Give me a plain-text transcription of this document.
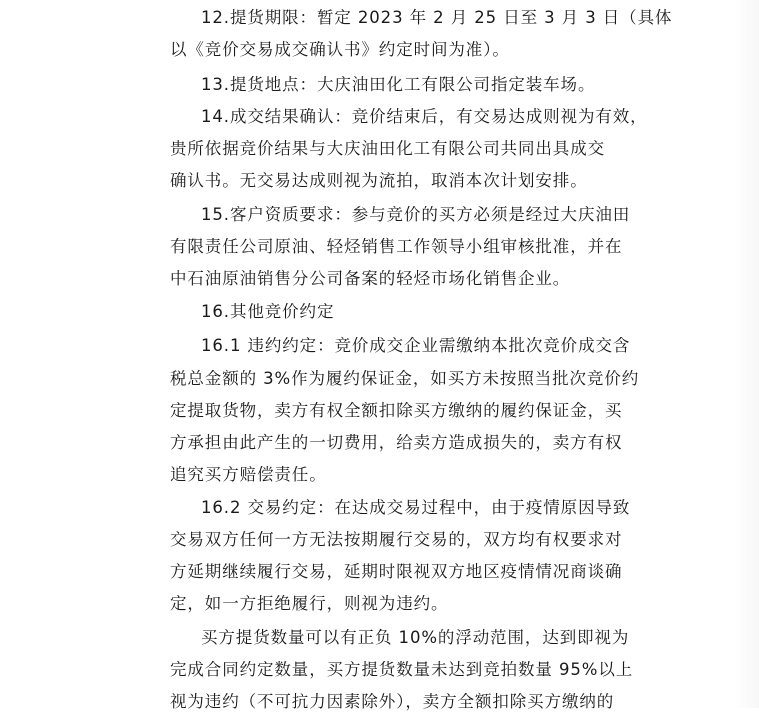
12.提货期限：暂定 2023 年 2 月 25 日至 3 月 3 日（具体
以《竞价交易成交确认书》约定时间为准）。
13.提货地点：大庆油田化工有限公司指定装车场。
14.成交结果确认：竞价结束后，有交易达成则视为有效，
贵所依据竞价结果与大庆油田化工有限公司共同出具成交
确认书。无交易达成则视为流拍，取消本次计划安排。
15.客户资质要求：参与竞价的买方必须是经过大庆油田
有限责任公司原油、轻烃销售工作领导小组审核批准，并在
中石油原油销售分公司备案的轻烃市场化销售企业。
16.其他竞价约定
16.1 违约约定：竞价成交企业需缴纳本批次竞价成交含
税总金额的 3%作为履约保证金，如买方未按照当批次竞价约
定提取货物，卖方有权全额扣除买方缴纳的履约保证金，买
方承担由此产生的一切费用，给卖方造成损失的，卖方有权
追究买方赔偿责任。
16.2 交易约定：在达成交易过程中，由于疫情原因导致
交易双方任何一方无法按期履行交易的，双方均有权要求对
方延期继续履行交易，延期时限视双方地区疫情情况商谈确
定，如一方拒绝履行，则视为违约。
买方提货数量可以有正负 10%的浮动范围，达到即视为
完成合同约定数量，买方提货数量未达到竞拍数量 95%以上
视为违约（不可抗力因素除外），卖方全额扣除买方缴纳的
